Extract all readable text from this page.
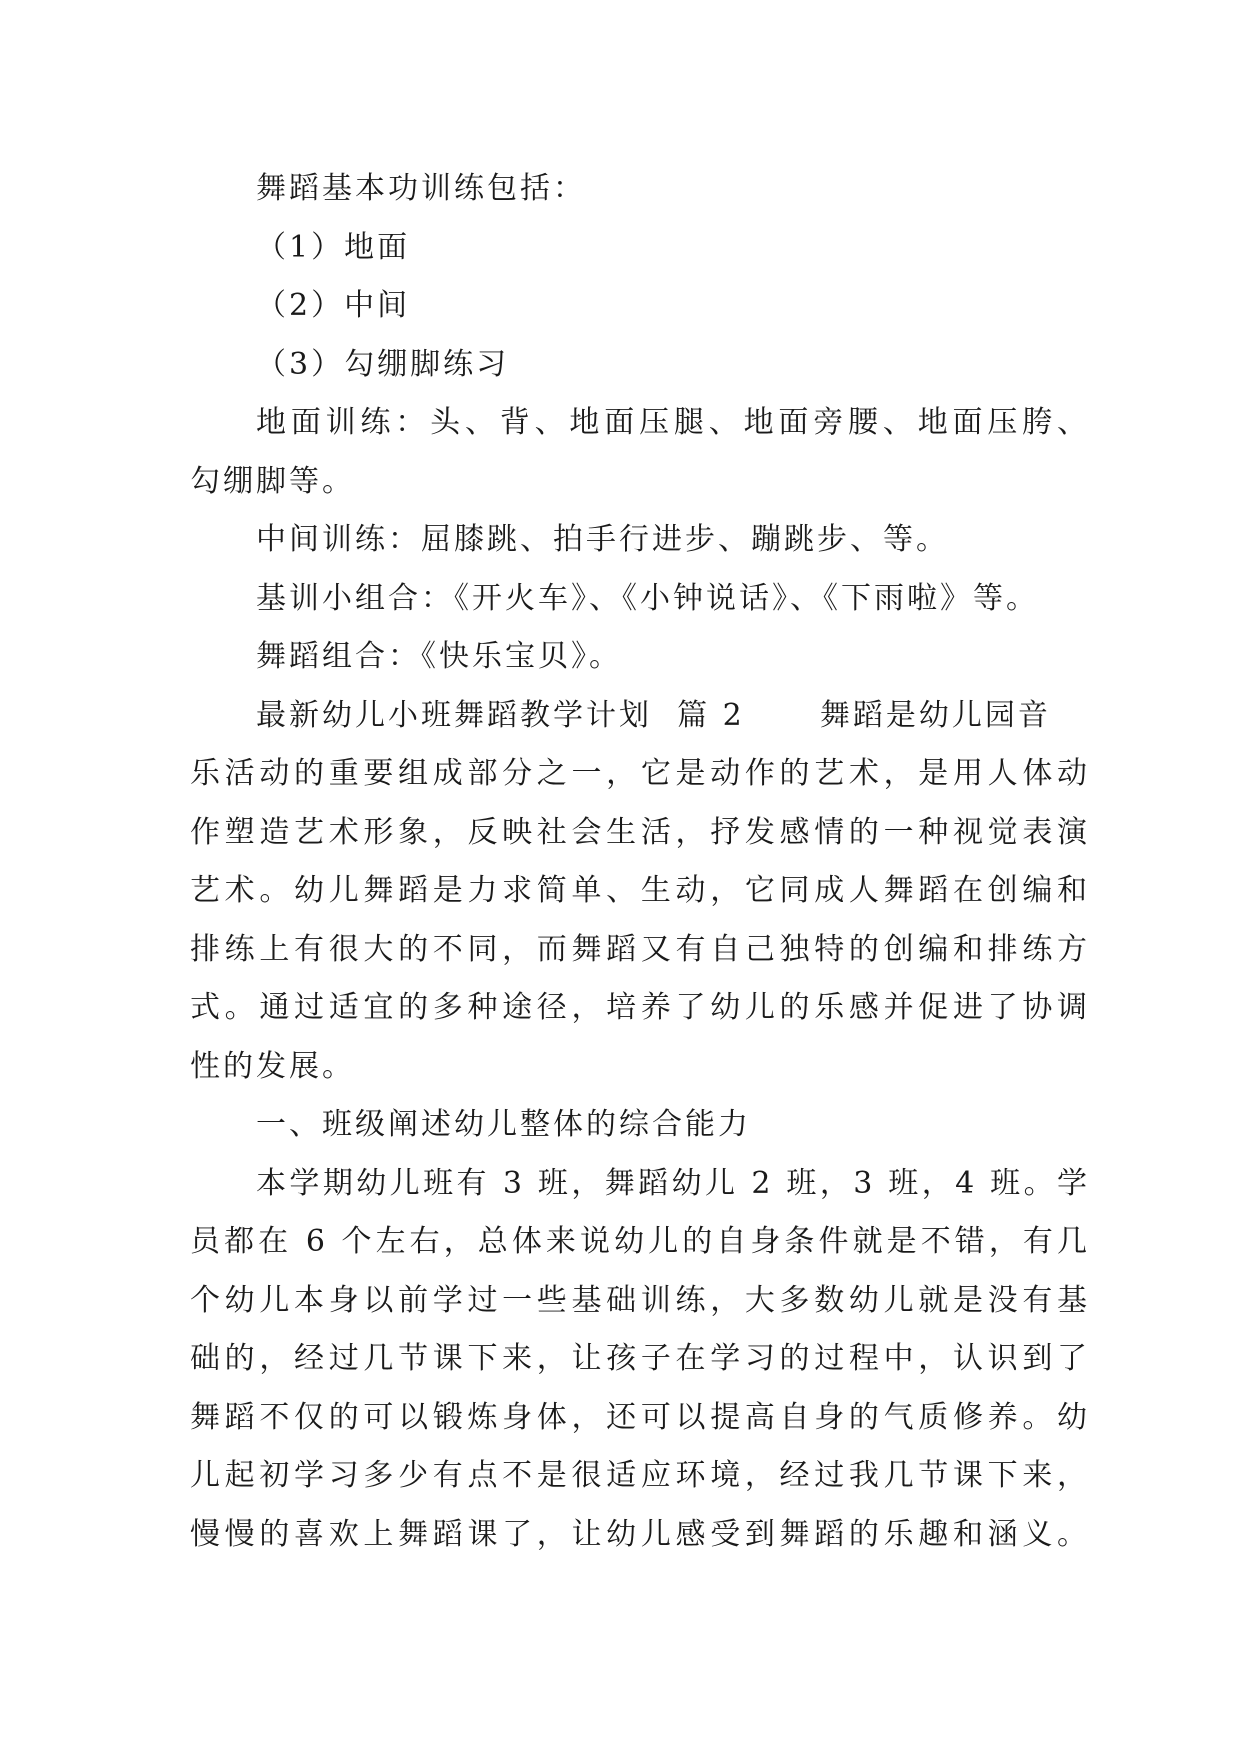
舞蹈基本功训练包括：
（1）地面
（2）中间
（3）勾绷脚练习
地面训练：头、背、地面压腿、地面旁腰、地面压胯、
勾绷脚等。
中间训练：屈膝跳、拍手行进步、蹦跳步、等。
基训小组合：《开火车》、《小钟说话》、《下雨啦》等。
舞蹈组合：《快乐宝贝》。
最新幼儿小班舞蹈教学计划  篇 2      舞蹈是幼儿园音
乐活动的重要组成部分之一，它是动作的艺术，是用人体动
作塑造艺术形象，反映社会生活，抒发感情的一种视觉表演
艺术。幼儿舞蹈是力求简单、生动，它同成人舞蹈在创编和
排练上有很大的不同，而舞蹈又有自己独特的创编和排练方
式。通过适宜的多种途径，培养了幼儿的乐感并促进了协调
性的发展。
一、班级阐述幼儿整体的综合能力
本学期幼儿班有 3 班，舞蹈幼儿 2 班，3 班，4 班。学
员都在 6 个左右，总体来说幼儿的自身条件就是不错，有几
个幼儿本身以前学过一些基础训练，大多数幼儿就是没有基
础的，经过几节课下来，让孩子在学习的过程中，认识到了
舞蹈不仅的可以锻炼身体，还可以提高自身的气质修养。幼
儿起初学习多少有点不是很适应环境，经过我几节课下来，
慢慢的喜欢上舞蹈课了，让幼儿感受到舞蹈的乐趣和涵义。
